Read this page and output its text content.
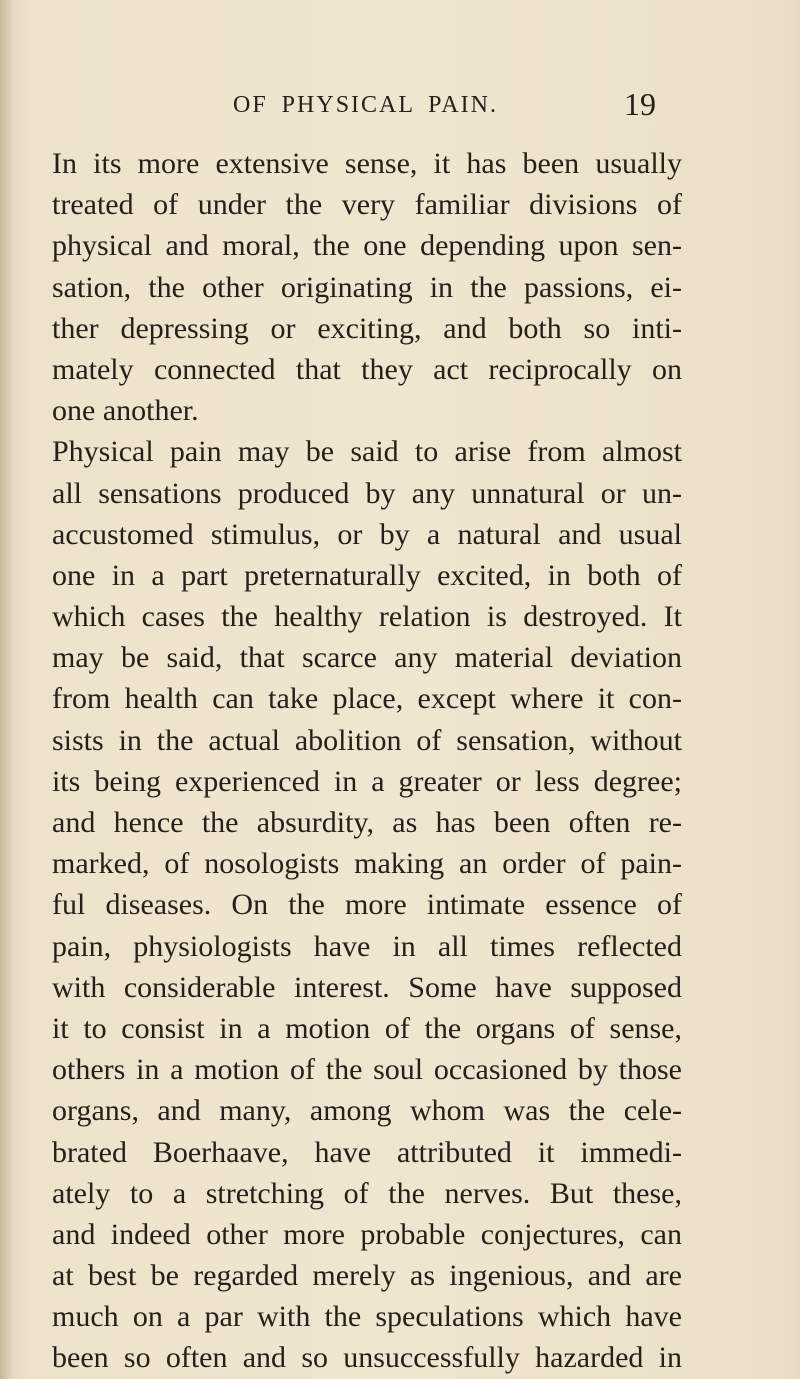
OF PHYSICAL PAIN.	19
In its more extensive sense, it has been usually
treated of under the very familiar divisions of
physical and moral, the one depending upon sen-
sation, the other originating in the passions, ei-
ther depressing or exciting, and both so inti-
mately connected that they act reciprocally on
one another.
Physical pain may be said to arise from almost
all sensations produced by any unnatural or un-
accustomed stimulus, or by a natural and usual
one in a part preternaturally excited, in both of
which cases the healthy relation is destroyed. It
may be said, that scarce any material deviation
from health can take place, except where it con-
sists in the actual abolition of sensation, without
its being experienced in a greater or less degree;
and hence the absurdity, as has been often re-
marked, of nosologists making an order of pain-
ful diseases. On the more intimate essence of
pain, physiologists have in all times reflected
with considerable interest. Some have supposed
it to consist in a motion of the organs of sense,
others in a motion of the soul occasioned by those
organs, and many, among whom was the cele-
brated Boerhaave, have attributed it immedi-
ately to a stretching of the nerves. But these,
and indeed other more probable conjectures, can
at best be regarded merely as ingenious, and are
much on a par with the speculations which have
been so often and so unsuccessfully hazarded in
